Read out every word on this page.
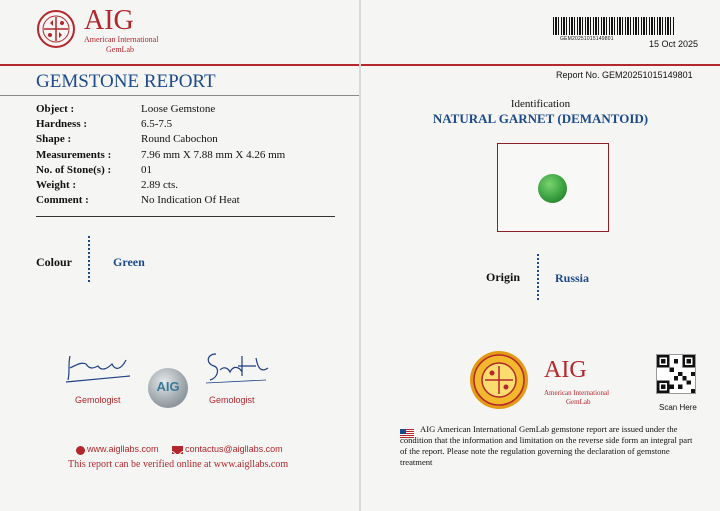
AIG
American International
GemLab
GEMSTONE REPORT
Object :	Loose Gemstone
Hardness :	6.5-7.5
Shape :	Round Cabochon
Measurements :	7.96 mm X 7.88 mm X 4.26 mm
No. of Stone(s) :	01
Weight :	2.89 cts.
Comment :	No Indication Of Heat
Colour	Green
Gemologist
AIG
Gemologist
www.aigllabs.com	contactus@aigllabs.com
This report can be verified online at www.aigllabs.com
GEM20251015149801	15 Oct 2025
Report No. GEM20251015149801
Identification
NATURAL GARNET (DEMANTOID)
Origin	Russia
AIG
American International
GemLab
Scan Here
AIG American International GemLab gemstone report are issued under the condition that the information and limitation on the reverse side form an integral part of the report. Please note the regulation governing the declaration of gemstone treatment
